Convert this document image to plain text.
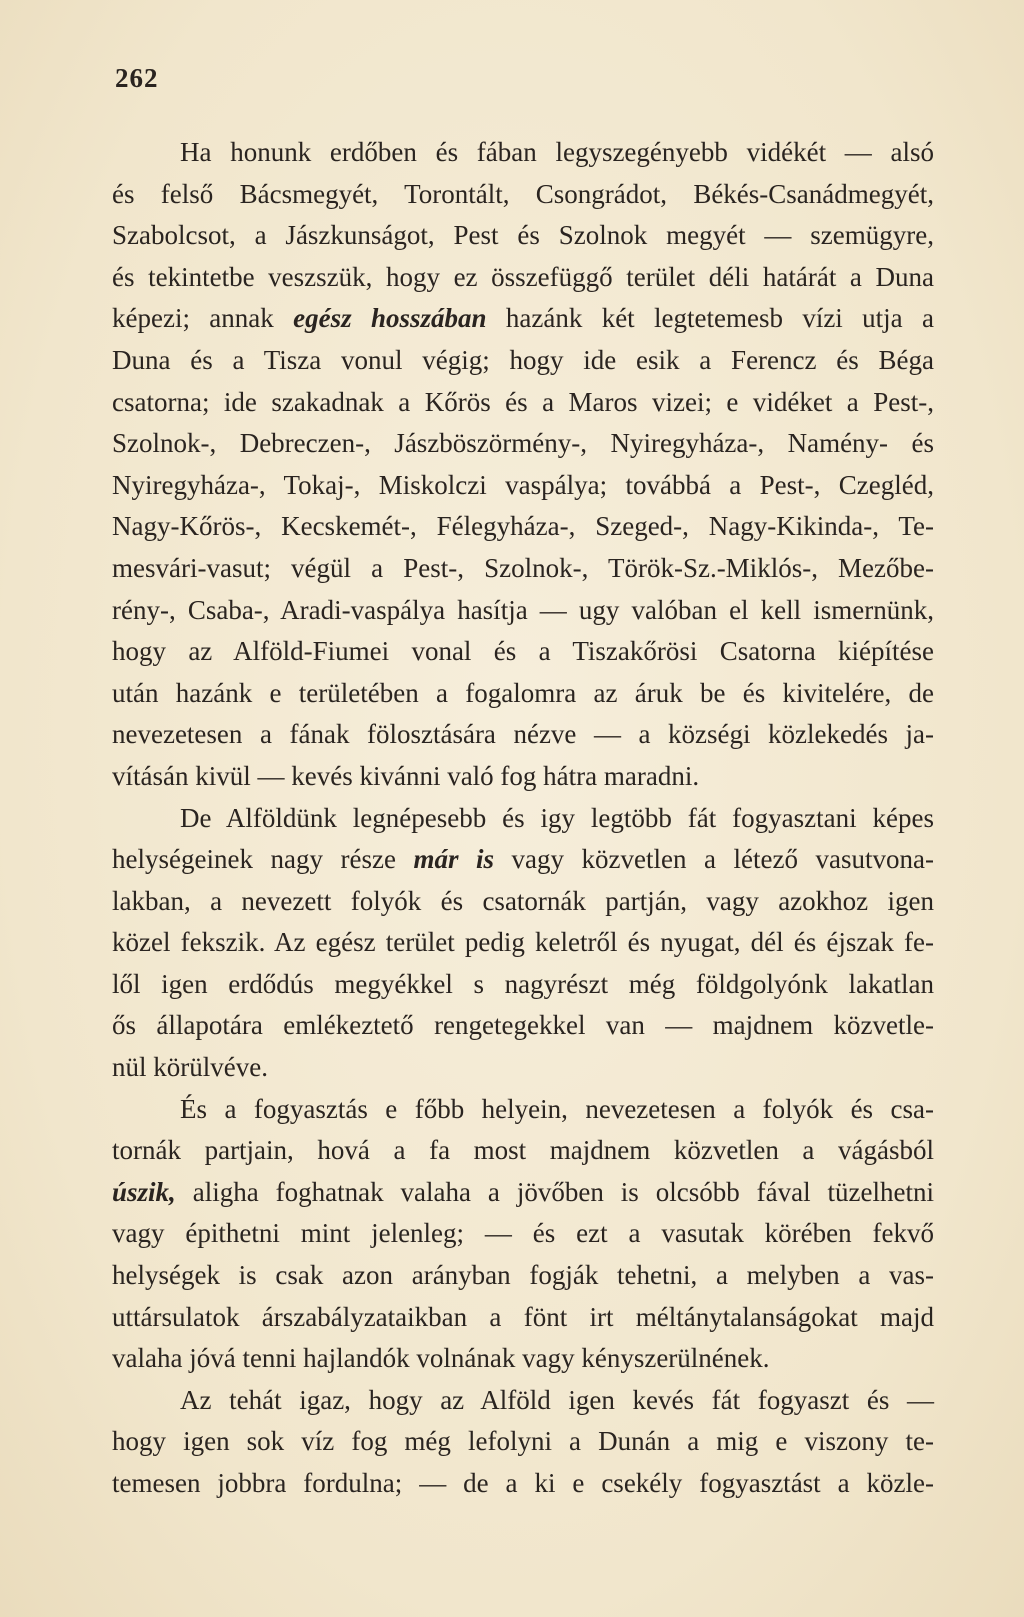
262
Ha honunk erdőben és fában legyszegényebb vidékét — alsó
és felső Bácsmegyét, Torontált, Csongrádot, Békés-Csanádmegyét,
Szabolcsot, a Jászkunságot, Pest és Szolnok megyét — szemügyre,
és tekintetbe veszszük, hogy ez összefüggő terület déli határát a Duna
képezi; annak egész hosszában hazánk két legtetemesb vízi utja a
Duna és a Tisza vonul végig; hogy ide esik a Ferencz és Béga
csatorna; ide szakadnak a Kőrös és a Maros vizei; e vidéket a Pest-,
Szolnok-, Debreczen-, Jászböszörmény-, Nyiregyháza-, Namény- és
Nyiregyháza-, Tokaj-, Miskolczi vaspálya; továbbá a Pest-, Czegléd,
Nagy-Kőrös-, Kecskemét-, Félegyháza-, Szeged-, Nagy-Kikinda-, Te-
mesvári-vasut; végül a Pest-, Szolnok-, Török-Sz.-Miklós-, Mezőbe-
rény-, Csaba-, Aradi-vaspálya hasítja — ugy valóban el kell ismernünk,
hogy az Alföld-Fiumei vonal és a Tiszakőrösi Csatorna kiépítése
után hazánk e területében a fogalomra az áruk be és kivitelére, de
nevezetesen a fának fölosztására nézve — a községi közlekedés ja-
vításán kivül — kevés kivánni való fog hátra maradni.
De Alföldünk legnépesebb és igy legtöbb fát fogyasztani képes
helységeinek nagy része már is vagy közvetlen a létező vasutvona-
lakban, a nevezett folyók és csatornák partján, vagy azokhoz igen
közel fekszik. Az egész terület pedig keletről és nyugat, dél és éjszak fe-
lől igen erdődús megyékkel s nagyrészt még földgolyónk lakatlan
ős állapotára emlékeztető rengetegekkel van — majdnem közvetle-
nül körülvéve.
És a fogyasztás e főbb helyein, nevezetesen a folyók és csa-
tornák partjain, hová a fa most majdnem közvetlen a vágásból
úszik, aligha foghatnak valaha a jövőben is olcsóbb fával tüzelhetni
vagy épithetni mint jelenleg; — és ezt a vasutak körében fekvő
helységek is csak azon arányban fogják tehetni, a melyben a vas-
uttársulatok árszabályzataikban a fönt irt méltánytalanságokat majd
valaha jóvá tenni hajlandók volnának vagy kényszerülnének.
Az tehát igaz, hogy az Alföld igen kevés fát fogyaszt és —
hogy igen sok víz fog még lefolyni a Dunán a mig e viszony te-
temesen jobbra fordulna; — de a ki e csekély fogyasztást a közle-
